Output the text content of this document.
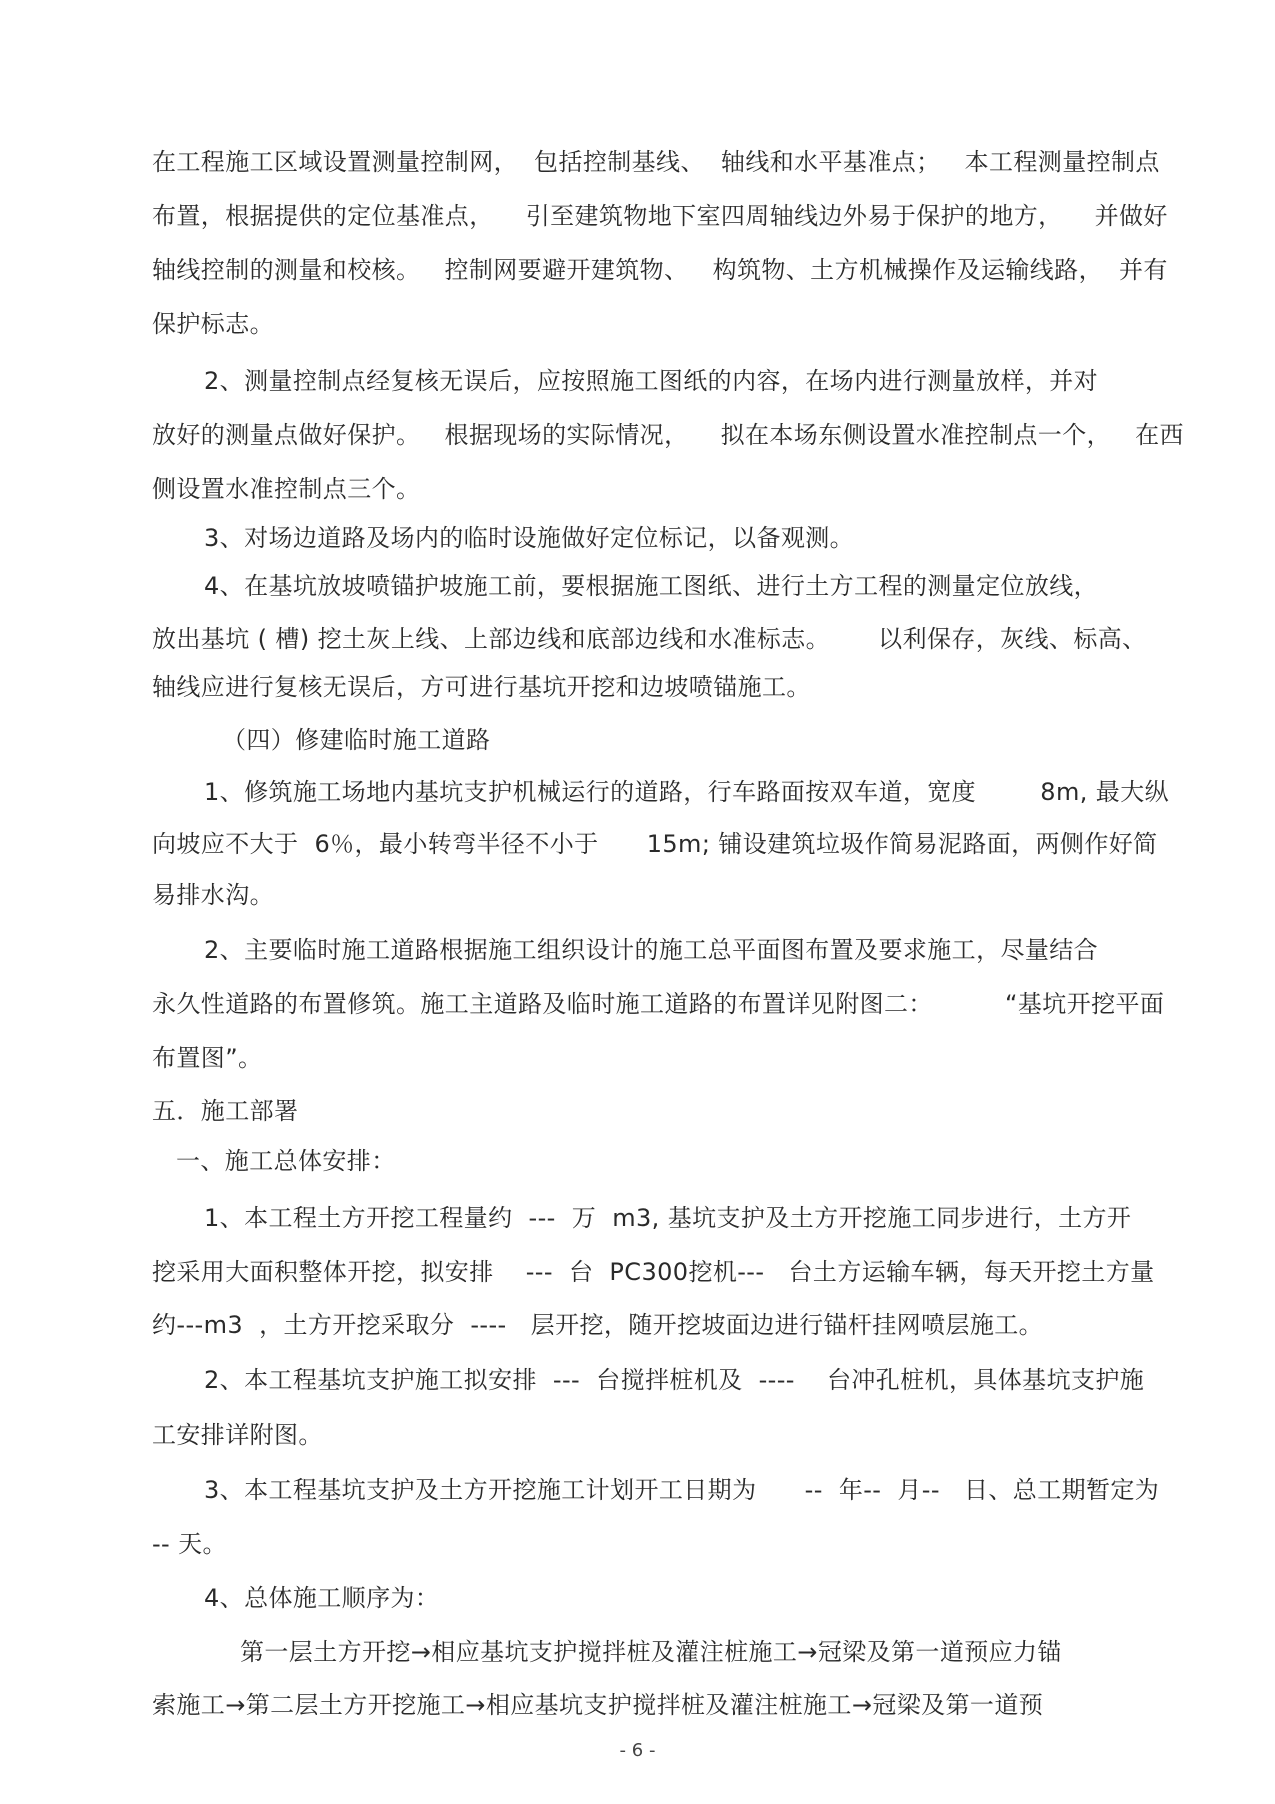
在工程施工区域设置测量控制网，  包括控制基线、  轴线和水平基准点；   本工程测量控制点
布置，根据提供的定位基准点，    引至建筑物地下室四周轴线边外易于保护的地方，    并做好
轴线控制的测量和校核。   控制网要避开建筑物、   构筑物、土方机械操作及运输线路，  并有
保护标志。
2、测量控制点经复核无误后，应按照施工图纸的内容，在场内进行测量放样，并对
放好的测量点做好保护。   根据现场的实际情况，    拟在本场东侧设置水准控制点一个，   在西
侧设置水准控制点三个。
3、对场边道路及场内的临时设施做好定位标记，以备观测。
4、在基坑放坡喷锚护坡施工前，要根据施工图纸、进行土方工程的测量定位放线，
放出基坑 ( 槽) 挖土灰上线、上部边线和底部边线和水准标志。      以利保存，灰线、标高、
轴线应进行复核无误后，方可进行基坑开挖和边坡喷锚施工。
（四）修建临时施工道路
1、修筑施工场地内基坑支护机械运行的道路，行车路面按双车道，宽度        8m, 最大纵
向坡应不大于  6％，最小转弯半径不小于      15m; 铺设建筑垃圾作简易泥路面，两侧作好简
易排水沟。
2、主要临时施工道路根据施工组织设计的施工总平面图布置及要求施工，尽量结合
永久性道路的布置修筑。施工主道路及临时施工道路的布置详见附图二：         “基坑开挖平面
布置图”。
五．施工部署
一、施工总体安排：
1、本工程土方开挖工程量约  ---  万  m3, 基坑支护及土方开挖施工同步进行，土方开
挖采用大面积整体开挖，拟安排    ---  台  PC300挖机---   台土方运输车辆，每天开挖土方量
约---m3  ，土方开挖采取分  ----   层开挖，随开挖坡面边进行锚杆挂网喷层施工。
2、本工程基坑支护施工拟安排  ---  台搅拌桩机及  ----    台冲孔桩机，具体基坑支护施
工安排详附图。
3、本工程基坑支护及土方开挖施工计划开工日期为      --  年--  月--   日、总工期暂定为
-- 天。
4、总体施工顺序为：
第一层土方开挖→相应基坑支护搅拌桩及灌注桩施工→冠梁及第一道预应力锚
索施工→第二层土方开挖施工→相应基坑支护搅拌桩及灌注桩施工→冠梁及第一道预
- 6 -
